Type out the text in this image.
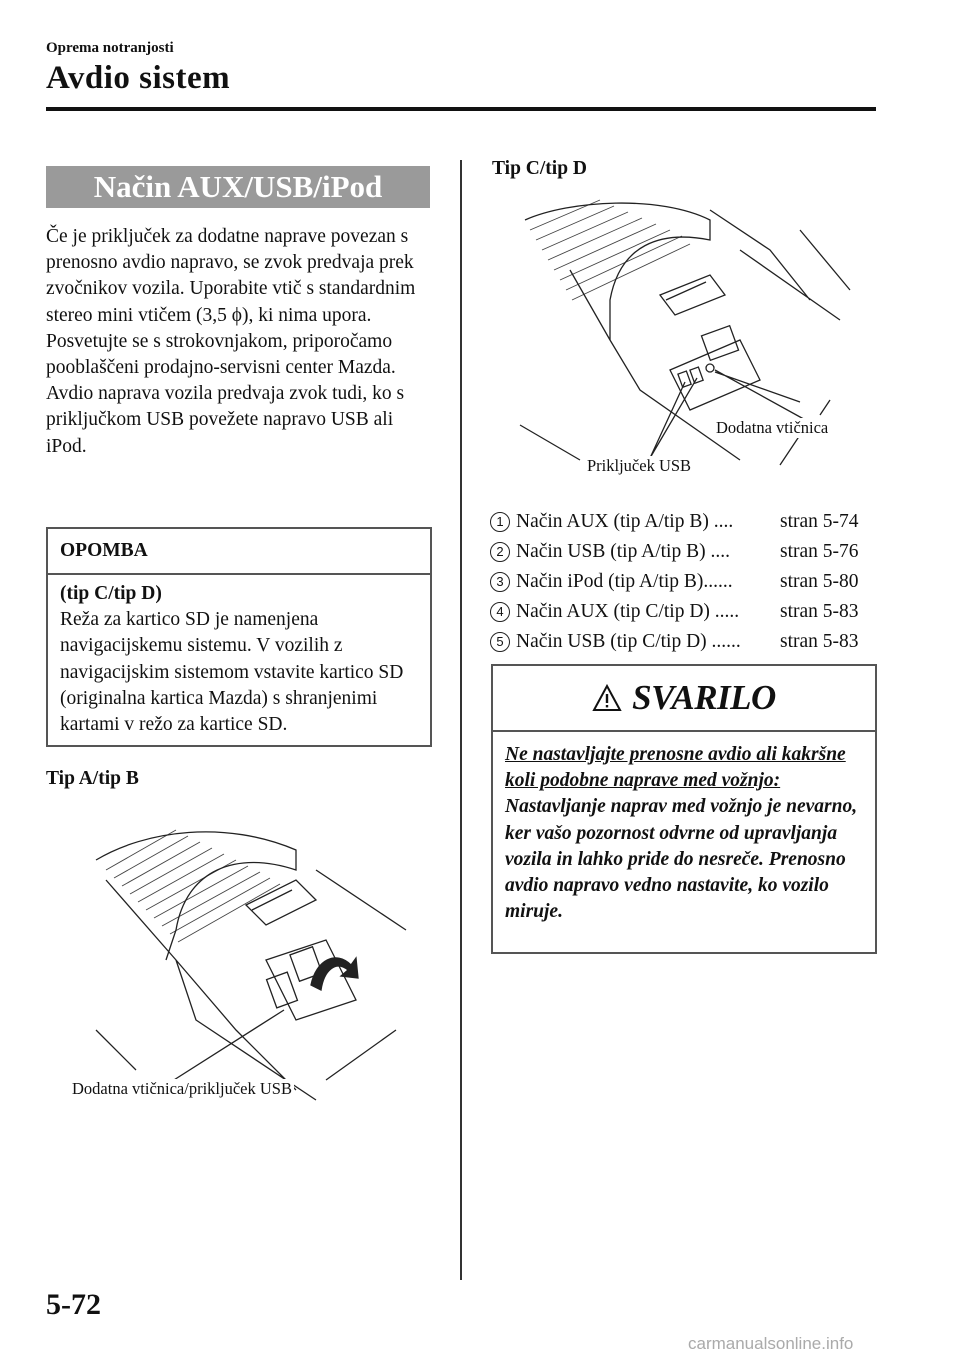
Oprema notranjosti
Avdio sistem
Način AUX/USB/iPod

Če je priključek za dodatne naprave povezan s prenosno avdio napravo, se zvok predvaja prek zvočnikov vozila. Uporabite vtič s standardnim stereo mini vtičem (3,5 ϕ), ki nima upora. Posvetujte se s strokovnjakom, priporočamo pooblaščeni prodajno-servisni center Mazda.

Avdio naprava vozila predvaja zvok tudi, ko s priključkom USB povežete napravo USB ali iPod.

OPOMBA
(tip C/tip D)
Reža za kartico SD je namenjena navigacijskemu sistemu. V vozilih z navigacijskim sistemom vstavite kartico SD (originalna kartica Mazda) s shranjenimi kartami v režo za kartice SD.
Tip A/tip B
Dodatna vtičnica/priključek USB
Tip C/tip D
Dodatna vtičnica
Priključek USB
1 Način AUX (tip A/tip B) ....	stran 5-74
2 Način USB (tip A/tip B) ....	stran 5-76
3 Način iPod (tip A/tip B)......	stran 5-80
4 Način AUX (tip C/tip D) .....	stran 5-83
5 Način USB (tip C/tip D) ......	stran 5-83
SVARILO
Ne nastavljajte prenosne avdio ali kakršne koli podobne naprave med vožnjo:
Nastavljanje naprav med vožnjo je nevarno, ker vašo pozornost odvrne od upravljanja vozila in lahko pride do nesreče. Prenosno avdio napravo vedno nastavite, ko vozilo miruje.
5-72
carmanualsonline.info
